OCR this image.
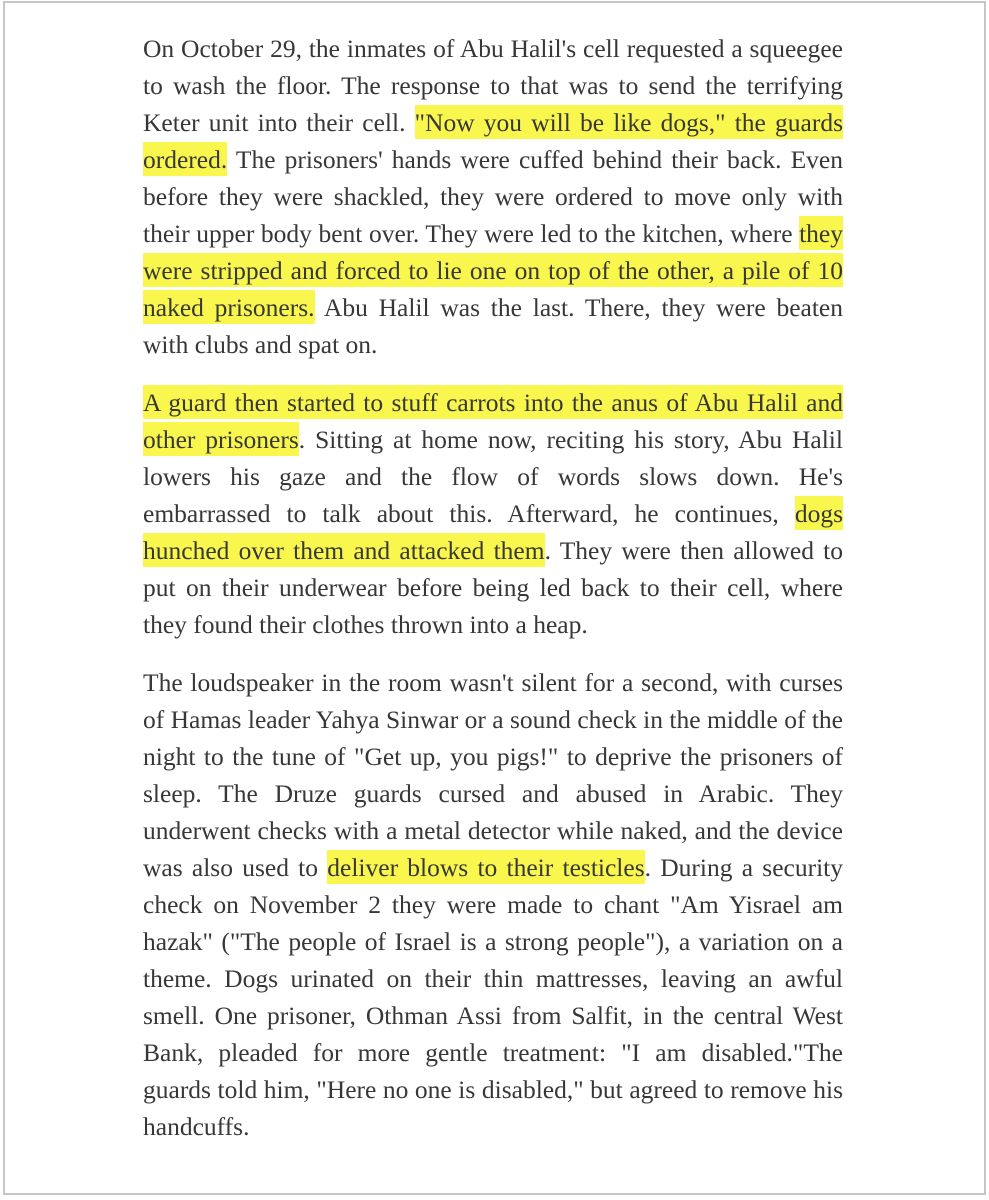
On October 29, the inmates of Abu Halil's cell requested a squeegee to wash the floor. The response to that was to send the terrifying Keter unit into their cell. "Now you will be like dogs," the guards ordered. The prisoners' hands were cuffed behind their back. Even before they were shackled, they were ordered to move only with their upper body bent over. They were led to the kitchen, where they were stripped and forced to lie one on top of the other, a pile of 10 naked prisoners. Abu Halil was the last. There, they were beaten with clubs and spat on.

A guard then started to stuff carrots into the anus of Abu Halil and other prisoners. Sitting at home now, reciting his story, Abu Halil lowers his gaze and the flow of words slows down. He's embarrassed to talk about this. Afterward, he continues, dogs hunched over them and attacked them. They were then allowed to put on their underwear before being led back to their cell, where they found their clothes thrown into a heap.

The loudspeaker in the room wasn't silent for a second, with curses of Hamas leader Yahya Sinwar or a sound check in the middle of the night to the tune of "Get up, you pigs!" to deprive the prisoners of sleep. The Druze guards cursed and abused in Arabic. They underwent checks with a metal detector while naked, and the device was also used to deliver blows to their testicles. During a security check on November 2 they were made to chant "Am Yisrael am hazak" ("The people of Israel is a strong people"), a variation on a theme. Dogs urinated on their thin mattresses, leaving an awful smell. One prisoner, Othman Assi from Salfit, in the central West Bank, pleaded for more gentle treatment: "I am disabled."The guards told him, "Here no one is disabled," but agreed to remove his handcuffs.
